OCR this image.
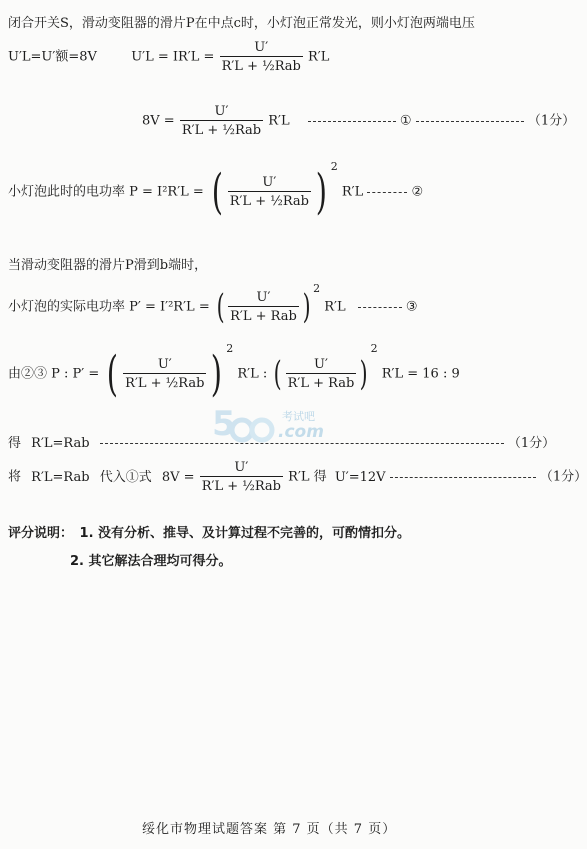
闭合开关S，滑动变阻器的滑片P在中点c时，小灯泡正常发光，则小灯泡两端电压
U′L=U′额=8V	$U'L = IR'L = \frac{U'}{\text{R′L + ½Rab}} R'L$
$8V = \frac{U'}{\text{R′L + ½Rab}} R'L$	①	（1分）
小灯泡此时的电功率 P = I²R′L = ( $\frac{U'}{\text{R′L + ½Rab}}$ ) $^2$ R′L	②
当滑动变阻器的滑片P滑到b端时，
小灯泡的实际电功率 P′ = I′²R′L = ( $\frac{U'}{\text{R′L + Rab}}$ ) $^2$ R′L	③
由②③ P : P′ = ( $\frac{U'}{\text{R′L + ½Rab}}$ ) $^2$ R′L : ( $\frac{U'}{\text{R′L + Rab}} )^2$ R′L = 16 : 9
5	考试吧
.com
得 R′L=Rab	（1分）
将 R′L=Rab 代入①式 $8V = \frac{U'}{\text{R′L + ½Rab}} R'L$ 得 U′=12V	（1分）
评分说明： 1. 没有分析、推导、及计算过程不完善的，可酌情扣分。
2. 其它解法合理均可得分。
绥化市物理试题答案 第 7 页（共 7 页）
